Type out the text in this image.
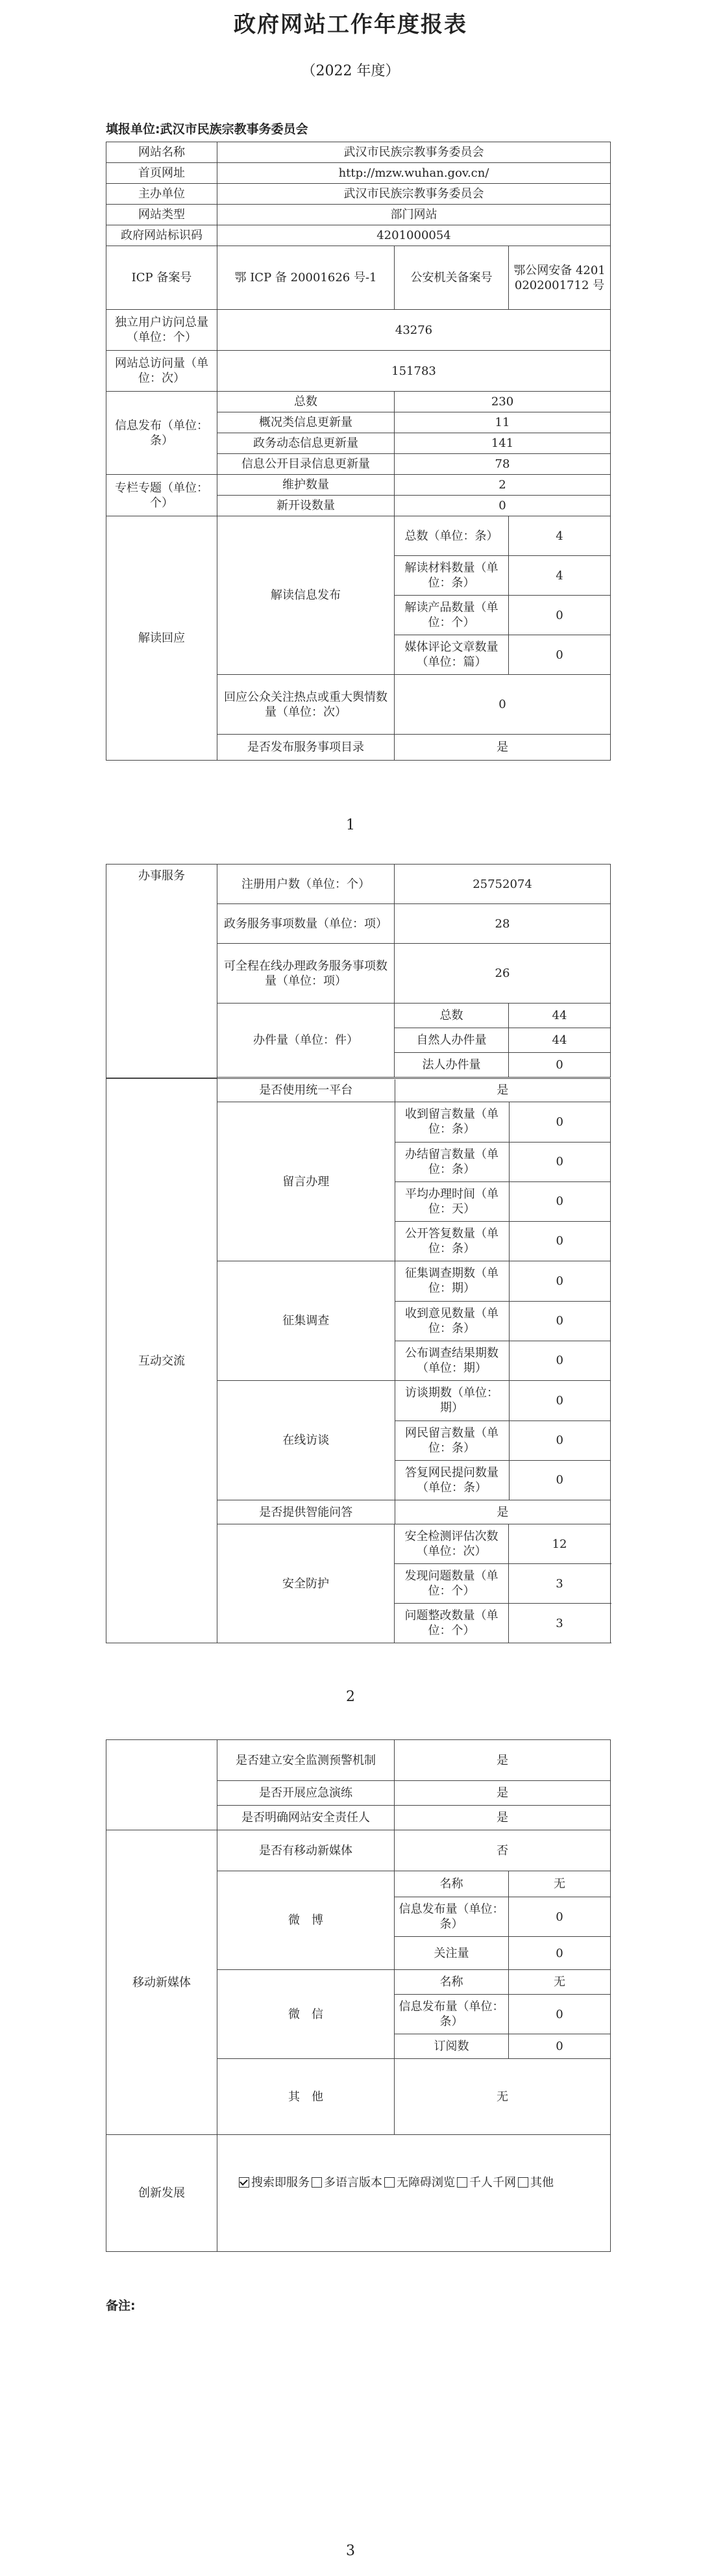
政府网站工作年度报表
（2022 年度）
填报单位:武汉市民族宗教事务委员会
网站名称	武汉市民族宗教事务委员会		
首页网址	http://mzw.wuhan.gov.cn/		
主办单位	武汉市民族宗教事务委员会		
网站类型	部门网站		
政府网站标识码	4201000054		
ICP 备案号	鄂 ICP 备 20001626 号-1	公安机关备案号	鄂公网安备 42010202001712 号
独立用户访问总量（单位：个）	43276		
网站总访问量（单位：次）	151783		
信息发布（单位：条）	总数	230	
	概况类信息更新量	11	
	政务动态信息更新量	141	
	信息公开目录信息更新量	78	
专栏专题（单位：个）	维护数量	2	
	新开设数量	0	
解读回应	解读信息发布	总数（单位：条）	4
		解读材料数量（单位：条）	4
		解读产品数量（单位：个）	0
		媒体评论文章数量（单位：篇）	0
	回应公众关注热点或重大舆情数量（单位：次）	0	
	是否发布服务事项目录	是	
1
办事服务	注册用户数（单位：个）	25752074	
	政务服务事项数量（单位：项）	28	
	可全程在线办理政务服务事项数量（单位：项）	26	
	办件量（单位：件）	总数	44
		自然人办件量	44
		法人办件量	0

互动交流	
是否使用统一平台	是

留言办理	收到留言数量（单位：条）	0
办结留言数量（单位：条）	0
平均办理时间（单位：天）	0
公开答复数量（单位：条）	0

征集调查	征集调查期数（单位：期）	0
收到意见数量（单位：条）	0
公布调查结果期数（单位：期）	0

在线访谈	访谈期数（单位：期）	0
网民留言数量（单位：条）	0
答复网民提问数量（单位：条）	0

是否提供智能问答	是

安全防护	安全检测评估次数（单位：次）	12
发现问题数量（单位：个）	3
问题整改数量（单位：个）	3
2
	是否建立安全监测预警机制	是	
	是否开展应急演练	是	
	是否明确网站安全责任人	是	
移动新媒体	是否有移动新媒体	否	
	微　博	名称	无
		信息发布量（单位：条）	0
		关注量	0
	微　信	名称	无
		信息发布量（单位：条）	0
		订阅数	0
	其　他	无	
创新发展	搜索即服务 多语言版本 无障碍浏览 千人千网 其他		
备注:
3
